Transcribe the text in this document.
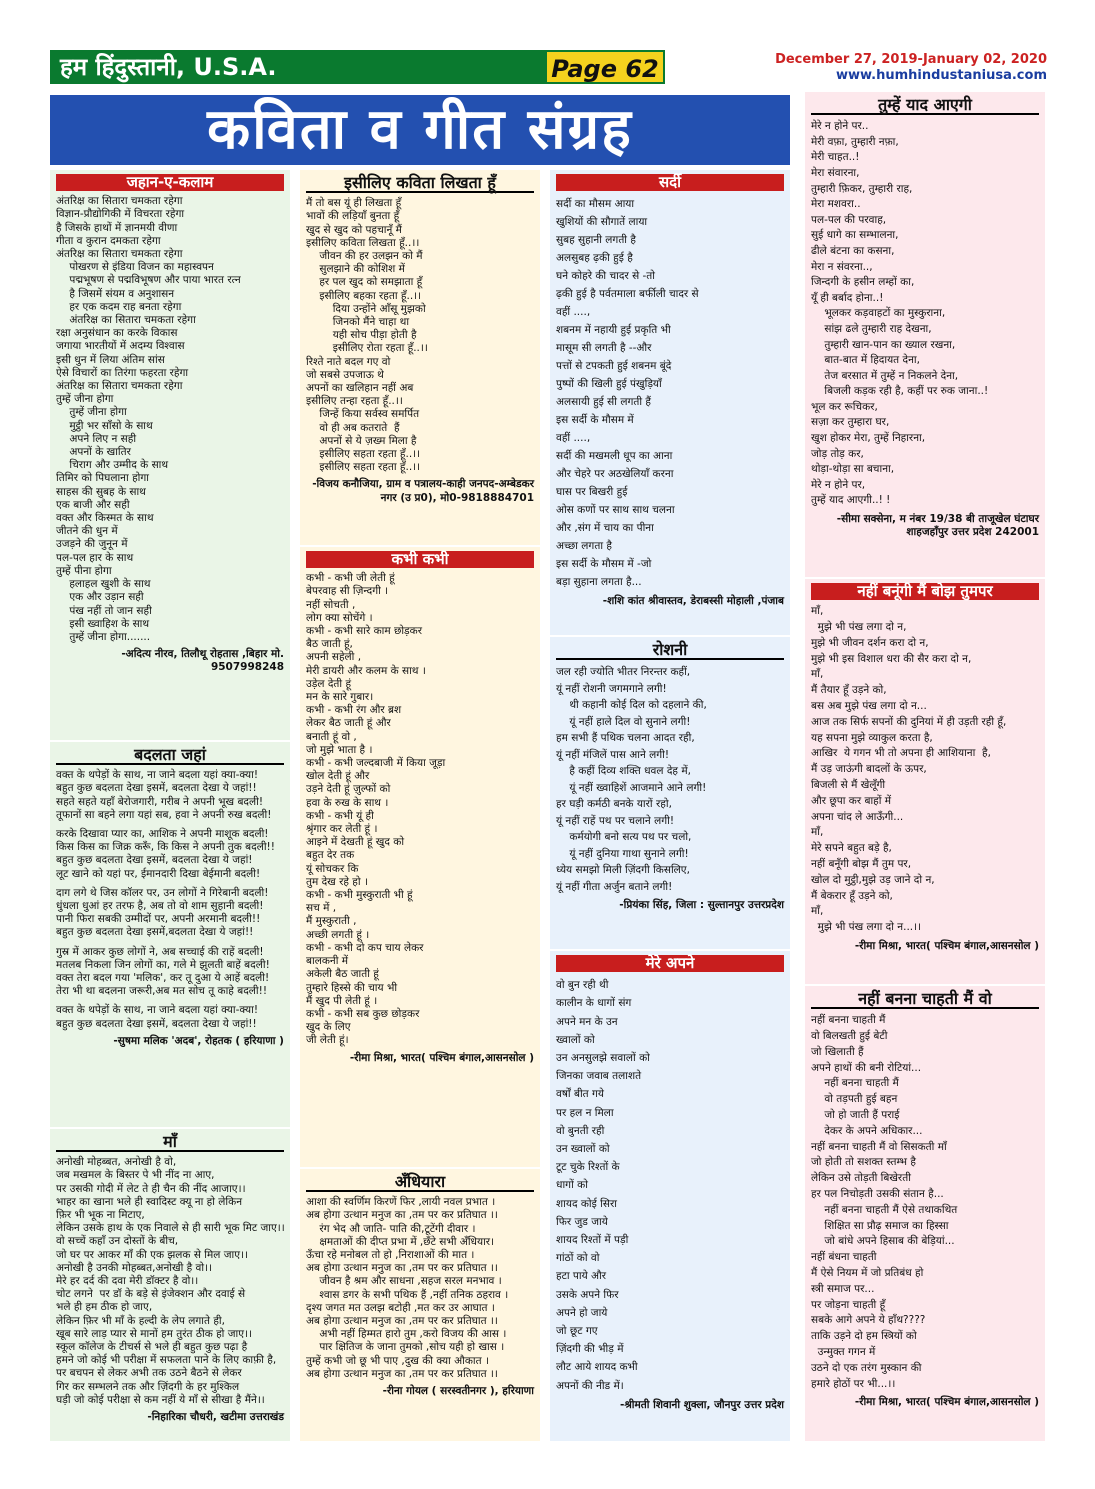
हम हिंदुस्तानी, U.S.A.	Page 62	December 27, 2019-January 02, 2020
www.humhindustaniusa.com
कविता व गीत संग्रह
जहान-ए-कलाम
अंतरिक्ष का सितारा चमकता रहेगा
विज्ञान-प्रौद्योगिकी में विचरता रहेगा
है जिसके हाथों में ज्ञानमयी वीणा
गीता व कुरान दमकता रहेगा
अंतरिक्ष का सितारा चमकता रहेगा
पोखरण से इंडिया विजन का महास्वपन
पद्मभूषण से पद्मविभूषण और पाया भारत रत्न
है जिसमें संयम व अनुशासन
हर एक कदम राह बनता रहेगा
अंतरिक्ष का सितारा चमकता रहेगा
रक्षा अनुसंधान का करके विकास
जगाया भारतीयों में अदम्य विश्वास
इसी धुन में लिया अंतिम सांस
ऐसे विचारों का तिरंगा फहरता रहेगा
अंतरिक्ष का सितारा चमकता रहेगा
तुम्हें जीना होगा
तुम्हें जीना होगा
मुट्ठी भर साँसो के साथ
अपने लिए न सही
अपनों के खातिर
चिराग और उम्मीद के साथ
तिमिर को पिघलाना होगा
साहस की सुबह के साथ
एक बाजी और सही
वक्त और किस्मत के साथ
जीतने की धुन में
उजड़ने की जुनून में
पल-पल हार के साथ
तुम्हें पीना होगा
हलाहल खुशी के साथ
एक और उड़ान सही
पंख नहीं तो जान सही
इसी ख्वाहिश के साथ
तुम्हें जीना होगा.......
-अदित्य नीरव, तिलौथू रोहतास ,बिहार मो. 9507998248
बदलता जहां
वक्त के थपेड़ों के साथ, ना जाने बदला यहां क्या-क्या!
बहुत कुछ बदलता देखा इसमें, बदलता देखा ये जहां!!
सहते सहते यहाँ बेरोजगारी, गरीब ने अपनी भूख बदली!
तूफानों सा बहने लगा यहां सब, हवा ने अपनी रुख बदली!
करके दिखावा प्यार का, आशिक ने अपनी माशूक बदली!
किस किस का जिक्र करूँ, कि किस ने अपनी तुक बदली!!
बहुत कुछ बदलता देखा इसमें, बदलता देखा ये जहां!
लूट खाने को यहां पर, ईमानदारी दिखा बेईमानी बदली!
दाग लगे थे जिस कॉलर पर, उन लोगों ने गिरेबानी बदली!
धुंधला धुआं हर तरफ है, अब तो वो शाम सुहानी बदली!
पानी फिरा सबकी उम्मीदों पर, अपनी अरमानी बदली!!
बहुत कुछ बदलता देखा इसमें,बदलता देखा ये जहां!!
गुस्र में आकर कुछ लोगों ने, अब सच्चाई की राहें बदली!
मतलब निकला जिन लोगों का, गले मे झुलती बाहें बदली!
वक्त तेरा बदल गया 'मलिक', कर तू दुआ ये आहें बदली!
तेरा भी था बदलना जरूरी,अब मत सोच तू काहे बदली!!
वक्त के थपेड़ों के साथ, ना जाने बदला यहां क्या-क्या!
बहुत कुछ बदलता देखा इसमें, बदलता देखा ये जहां!!
-सुषमा मलिक 'अदब', रोहतक ( हरियाणा )
माँ
अनोखी मोहब्बत, अनोखी है वो,
जब मखमल के बिस्तर पे भी नींद ना आए,
पर उसकी गोदी में लेट ते ही चैन की नींद आजाए।।
भाहर का खाना भले ही स्वादिस्ट क्यू ना हो लेकिन
फ़िर भी भूक ना मिटाए,
लेकिन उसके हाथ के एक निवाले से ही सारी भूक मिट जाए।।
वो सच्चें कहाँ उन दोस्तों के बीच,
जो घर पर आकर माँ की एक झलक से मिल जाए।।
अनोखी है उनकी मोहब्बत,अनोखी है वो।।
मेरे हर दर्द की दवा मेरी डॉक्टर है वो।।
चोट लगने  पर डॉ के बड़े से इंजेक्शन और दवाई से
भले ही हम ठीक हो जाए,
लेकिन फ़िर भी माँ के हल्दी के लेप लगाते ही,
खूब सारे लाड़ प्यार से मानों हम तुरंत ठीक हो जाए।।
स्कूल कॉलेज के टीचर्स से भले ही बहुत कुछ पढ़ा है
हमने जो कोई भी परीक्षा में सफलता पाने के लिए काफ़ी है,
पर बचपन से लेकर अभी तक उठने बैठने से लेकर
गिर कर सम्भलने तक और ज़िंदगी के हर मुश्किल
घड़ी जो कोई परीक्षा से कम नहीं ये माँ से सीखा है मैंने।।
-निहारिका चौधरी, खटीमा उत्तराखंड
इसीलिए कविता लिखता हूँ
मैं तो बस यूं ही लिखता हूँ
भावों की लड़ियाँ बुनता हूँ
खुद से खुद को पहचानूँ मैं
इसीलिए कविता लिखता हूँ..।।
जीवन की हर उलझन को मैं
सुलझाने की कोशिश में
हर पल खुद को समझाता हूँ
इसीलिए बहका रहता हूँ..।।
दिया उन्होंने आँसू मुझको
जिनको मैंने चाहा था
यही सोच पीड़ा होती है
इसीलिए रोता रहता हूँ..।।
रिश्ते नाते बदल गए वो
जो सबसे उपजाऊ थे
अपनों का खलिहान नहीं अब
इसीलिए तन्हा रहता हूँ..।।
जिन्हें किया सर्वस्व समर्पित
वो ही अब कतराते  हैं
अपनों से ये ज़ख्म मिला है
इसीलिए सहता रहता हूँ..।।
इसीलिए सहता रहता हूँ..।।
-विजय कनौजिया, ग्राम व पत्रालय-काही जनपद-अम्बेडकर नगर (उ प्र0), मो0-9818884701
कभी कभी
कभी - कभी जी लेती हूं
बेपरवाह सी ज़िन्दगी ।
नहीं सोचती ,
लोग क्या सोचेंगे ।
कभी - कभी सारे काम छोड़कर
बैठ जाती हूं,
अपनी सहेली ,
मेरी डायरी और कलम के साथ ।
उड़ेल देती हूं
मन के सारे गुबार।
कभी - कभी रंग और ब्रश
लेकर बैठ जाती हूं और
बनाती हूं वो ,
जो मुझे भाता है ।
कभी - कभी जल्दबाजी में किया जूड़ा
खोल देती हूं और
उड़ने देती हूं ज़ुल्फों को
हवा के रुख के साथ ।
कभी - कभी यूं ही
श्रृंगार कर लेती हूं ।
आइने में देखती हूं खुद को
बहुत देर तक
यूं सोचकर कि
तुम देख रहे हो ।
कभी - कभी मुस्कुराती भी हूं
सच में ,
मैं मुस्कुराती ,
अच्छी लगती हूं ।
कभी - कभी दो कप चाय लेकर
बालकनी में
अकेली बैठ जाती हूं
तुम्हारे हिस्से की चाय भी
मैं खुद पी लेती हूं ।
कभी - कभी सब कुछ छोड़कर
खुद के लिए
जी लेती हूं।
-रीमा मिश्रा, भारत( पश्चिम बंगाल,आसनसोल )
अँधियारा
आशा की स्वर्णिम किरणें फिर ,लायी नवल प्रभात ।
अब होगा उत्थान मनुज का ,तम पर कर प्रतिघात ।।
रंग भेद औ जाति- पाति की,टूटेंगी दीवार ।
क्षमताओं की दीप्त प्रभा में ,छँटे सभी अँधियार।
ऊँचा रहे मनोबल तो हो ,निराशाओं की मात ।
अब होगा उत्थान मनुज का ,तम पर कर प्रतिघात ।।
जीवन है श्रम और साधना ,सहज सरल मनभाव ।
श्वास डगर के सभी पथिक हैं ,नहीं तनिक ठहराव ।
दृश्य जगत मत उलझ बटोही ,मत कर उर आघात ।
अब होगा उत्थान मनुज का ,तम पर कर प्रतिघात ।।
अभी नहीं हिम्मत हारो तुम ,करो विजय की आस ।
पार क्षितिज के जाना तुमको ,सोच यही हो खास ।
तुम्हें कभी जो छू भी पाए ,दुख की क्या औकात ।
अब होगा उत्थान मनुज का ,तम पर कर प्रतिघात ।।
-रीना गोयल ( सरस्वतीनगर ), हरियाणा
सर्दी
सर्दी का मौसम आया
खुशियों की सौगातें लाया
सुबह सुहानी लगती है
अलसुबह ढ़की हुई है
घने कोहरे की चादर से -तो
ढ़की हुई है पर्वतमाला बर्फीली चादर से
वहीं ....,
शबनम में नहायी हुई प्रकृति भी
मासूम सी लगती है --और
पत्तों से टपकती हुई शबनम बूंदे
पुष्पों की खिली हुई पंखुड़ियाँ
अलसायी हुई सी लगती हैं
इस सर्दी के मौसम में
वहीं ....,
सर्दी की मखमली धूप का आना
और चेहरे पर अठखेलियाँ करना
घास पर बिखरी हुई
ओस कणों पर साथ साथ चलना
और ,संग में चाय का पीना
अच्छा लगता है
इस सर्दी के मौसम में -जो
बड़ा सुहाना लगता है...
-शशि कांत श्रीवास्तव, डेराबस्सी मोहाली ,पंजाब
रोशनी
जल रही ज्योति भीतर निरन्तर कहीं,
यूं नहीं रोशनी जगमगाने लगी!
थी कहानी कोई दिल को दहलाने की,
यूं नहीं हाले दिल वो सुनाने लगी!
हम सभी हैं पथिक चलना आदत रही,
यूं नहीं मंजिलें पास आने लगी!
है कहीं दिव्य शक्ति धवल देह में,
यूं नहीं ख्वाहिशें आजमाने आने लगी!
हर घड़ी कर्मठी बनके यारों रहो,
यूं नहीं राहें पथ पर चलाने लगी!
कर्मयोगी बनो सत्य पथ पर चलो,
यूं नहीं दुनिया गाथा सुनाने लगी!
ध्येय समझो मिली ज़िंदगी किसलिए,
यूं नहीं गीता अर्जुन बताने लगी!
-प्रियंका सिंह, जिला : सुल्तानपुर उत्तरप्रदेश
मेरे अपने
वो बुन रही थी
कालीन के धागों संग
अपने मन के उन
ख्वालों को
उन अनसुलझे सवालों को
जिनका जवाब तलाशते
वर्षों बीत गये
पर हल न मिला
वो बुनती रही
उन ख्वालों को
टूट चुके रिश्तों के
धागों को
शायद कोई सिरा
फिर जुड जाये
शायद रिश्तों में पड़ी
गांठों को वो
हटा पाये और
उसके अपने फिर
अपने हो जाये
जो छूट गए
ज़िंदगी की भीड़ में
लौट आये शायद कभी
अपनों की नीड में।
-श्रीमती शिवानी शुक्ला, जौनपुर उत्तर प्रदेश
तुम्हें याद आएगी
मेरे न होने पर..
मेरी वफ़ा, तुम्हारी नफ़ा,
मेरी चाहत..!
मेरा संवारना,
तुम्हारी फ़िकर, तुम्हारी राह,
मेरा मशवरा..
पल-पल की परवाह,
सुई धागे का सम्भालना,
ढीले बंटना का कसना,
मेरा न संवरना..,
जिन्दगी के हसीन लम्हों का,
यूँ ही बर्बाद होना..!
भूलकर कड़वाहटों का मुस्कुराना,
सांझ ढले तुम्हारी राह देखना,
तुम्हारी खान-पान का ख्याल रखना,
बात-बात में हिदायत देना,
तेज बरसात में तुम्हें न निकलने देना,
बिजली कड़क रही है, कहीं पर रुक जाना..!
भूल कर रूचिकर,
सज़ा कर तुम्हारा घर,
खुश होकर मेरा, तुम्हें निहारना,
जोड़ तोड़ कर,
थोड़ा-थोड़ा सा बचाना,
मेरे न होने पर,
तुम्हें याद आएगी..! !
-सीमा सक्सेना, म नंबर 19/38 बी ताजूखेल घंटाघर शाहजहाँपुर उत्तर प्रदेश 242001
नहीं बनूंगी मैं बोझ तुमपर
माँ,
मुझे भी पंख लगा दो न,
मुझे भी जीवन दर्शन करा दो न,
मुझे भी इस विशाल धरा की सैर करा दो न,
माँ,
मैं तैयार हूँ उड़ने को,
बस अब मुझे पंख लगा दो न...
आज तक सिर्फ सपनों की दुनियां में ही उड़ती रही हूँ,
यह सपना मुझे व्याकुल करता है,
आखिर  ये गगन भी तो अपना ही आशियाना  है,
मैं उड़ जाऊंगी बादलों के ऊपर,
बिजली से मैं खेलूँगी
और छूपा कर बाहों में
अपना चांद ले आऊँगी...
माँ,
मेरे सपने बहुत बड़े है,
नहीं बनूँगी बोझ मैं तुम पर,
खोल दो मुट्ठी,मुझे उड़ जाने दो न,
मैं बेकरार हूँ उड़ने को,
माँ,
मुझे भी पंख लगा दो न...।।
-रीमा मिश्रा, भारत( पश्चिम बंगाल,आसनसोल )
नहीं बनना चाहती मैं वो
नहीं बनना चाहती मैं
वो बिलखती हुई बेटी
जो खिलाती हैं
अपने हाथों की बनी रोटियां...
नहीं बनना चाहती मैं
वो तड़पती हुई बहन
जो हो जाती हैं पराई
देकर के अपने अधिकार...
नहीं बनना चाहती मैं वो सिसकती माँ
जो होती तो सशक्त स्तम्भ है
लेकिन उसे तोड़ती बिखेरती
हर पल निचोड़ती उसकी संतान है...
नहीं बनना चाहती मैं ऐसे तथाकथित
शिक्षित सा प्रौढ़ समाज का हिस्सा
जो बांधे अपने हिसाब की बेड़ियां...
नहीं बंधना चाहती
मैं ऐसे नियम में जो प्रतिबंध हो
स्त्री समाज पर...
पर जोड़ना चाहती हूँ
सबके आगे अपने ये हाँथ????
ताकि उड़ने दो हम स्त्रियों को
उन्मुक्त गगन में
उठने दो एक तरंग मुस्कान की
हमारे होठों पर भी...।।
-रीमा मिश्रा, भारत( पश्चिम बंगाल,आसनसोल )
